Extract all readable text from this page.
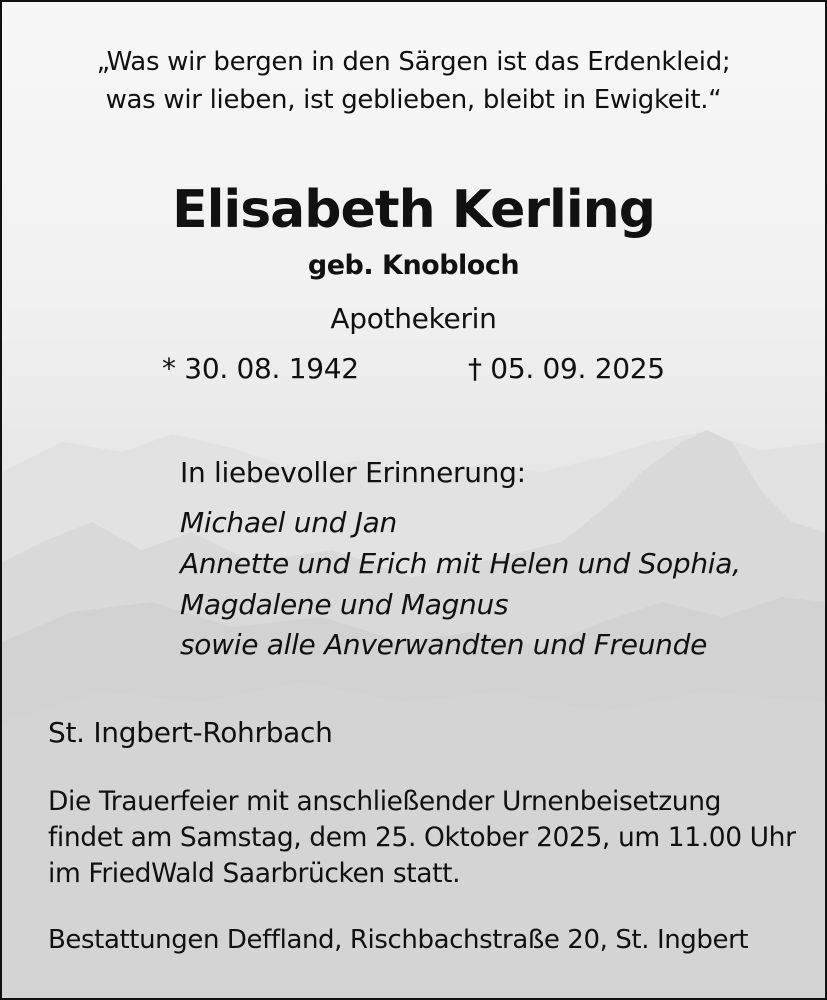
„Was wir bergen in den Särgen ist das Erdenkleid;
was wir lieben, ist geblieben, bleibt in Ewigkeit.“
Elisabeth Kerling
geb. Knobloch
Apothekerin
* 30. 08. 1942	† 05. 09. 2025
In liebevoller Erinnerung:
Michael und Jan
Annette und Erich mit Helen und Sophia,
Magdalene und Magnus
sowie alle Anverwandten und Freunde
St. Ingbert-Rohrbach
Die Trauerfeier mit anschließender Urnenbeisetzung
findet am Samstag, dem 25. Oktober 2025, um 11.00 Uhr
im FriedWald Saarbrücken statt.
Bestattungen Deffland, Rischbachstraße 20, St. Ingbert
